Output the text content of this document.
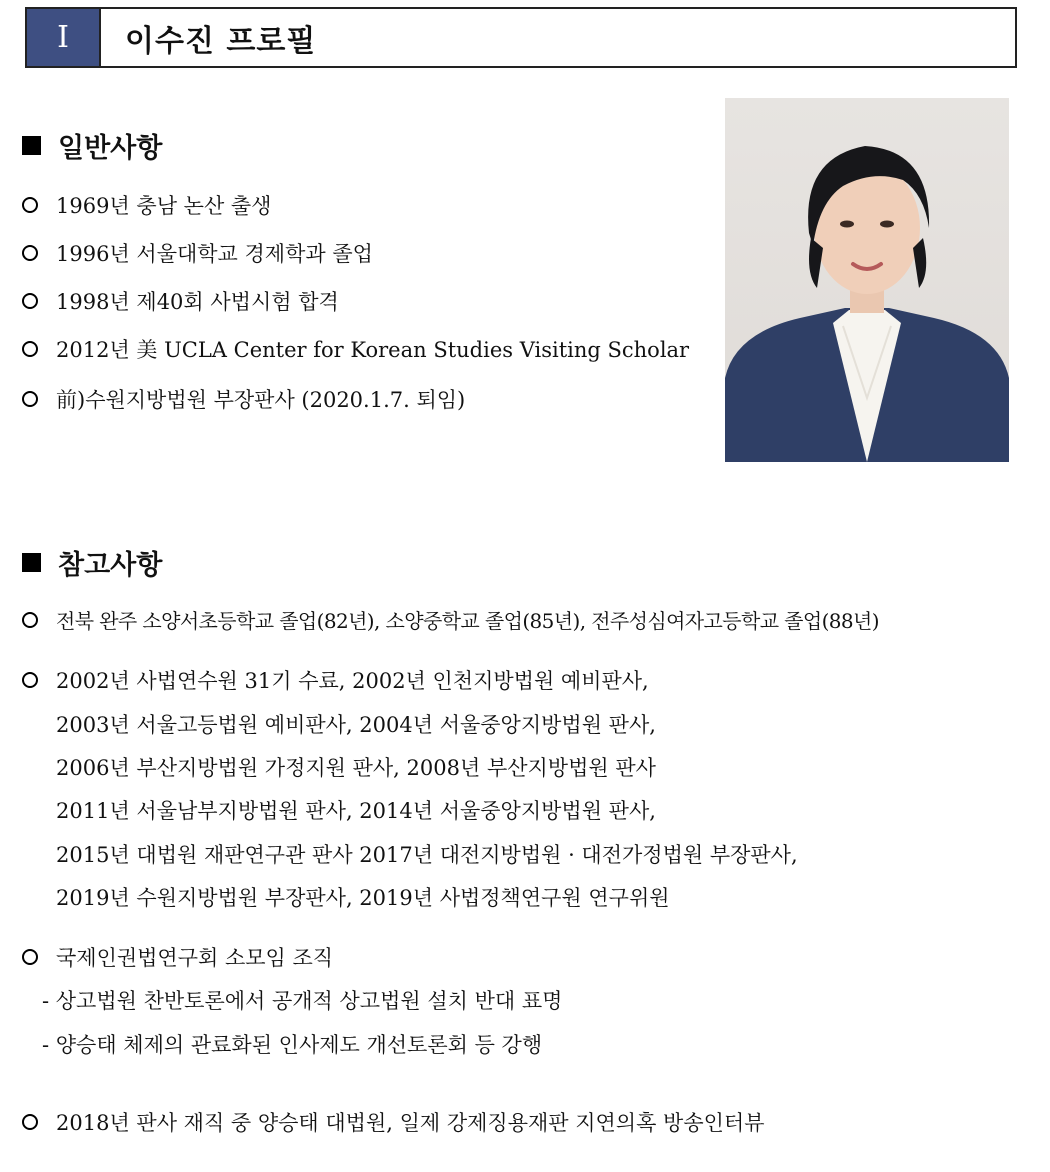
Ⅰ	이수진 프로필
일반사항
1969년 충남 논산 출생
1996년 서울대학교 경제학과 졸업
1998년 제40회 사법시험 합격
2012년 美 UCLA Center for Korean Studies Visiting Scholar
前)수원지방법원 부장판사 (2020.1.7. 퇴임)
참고사항
전북 완주 소양서초등학교 졸업(82년), 소양중학교 졸업(85년), 전주성심여자고등학교 졸업(88년)
2002년 사법연수원 31기 수료, 2002년 인천지방법원 예비판사,
2003년 서울고등법원 예비판사, 2004년 서울중앙지방법원 판사,
2006년 부산지방법원 가정지원 판사, 2008년 부산지방법원 판사
2011년 서울남부지방법원 판사, 2014년 서울중앙지방법원 판사,
2015년 대법원 재판연구관 판사 2017년 대전지방법원 · 대전가정법원 부장판사,
2019년 수원지방법원 부장판사, 2019년 사법정책연구원 연구위원
국제인권법연구회 소모임 조직
- 상고법원 찬반토론에서 공개적 상고법원 설치 반대 표명
- 양승태 체제의 관료화된 인사제도 개선토론회 등 강행
2018년 판사 재직 중 양승태 대법원, 일제 강제징용재판 지연의혹 방송인터뷰
